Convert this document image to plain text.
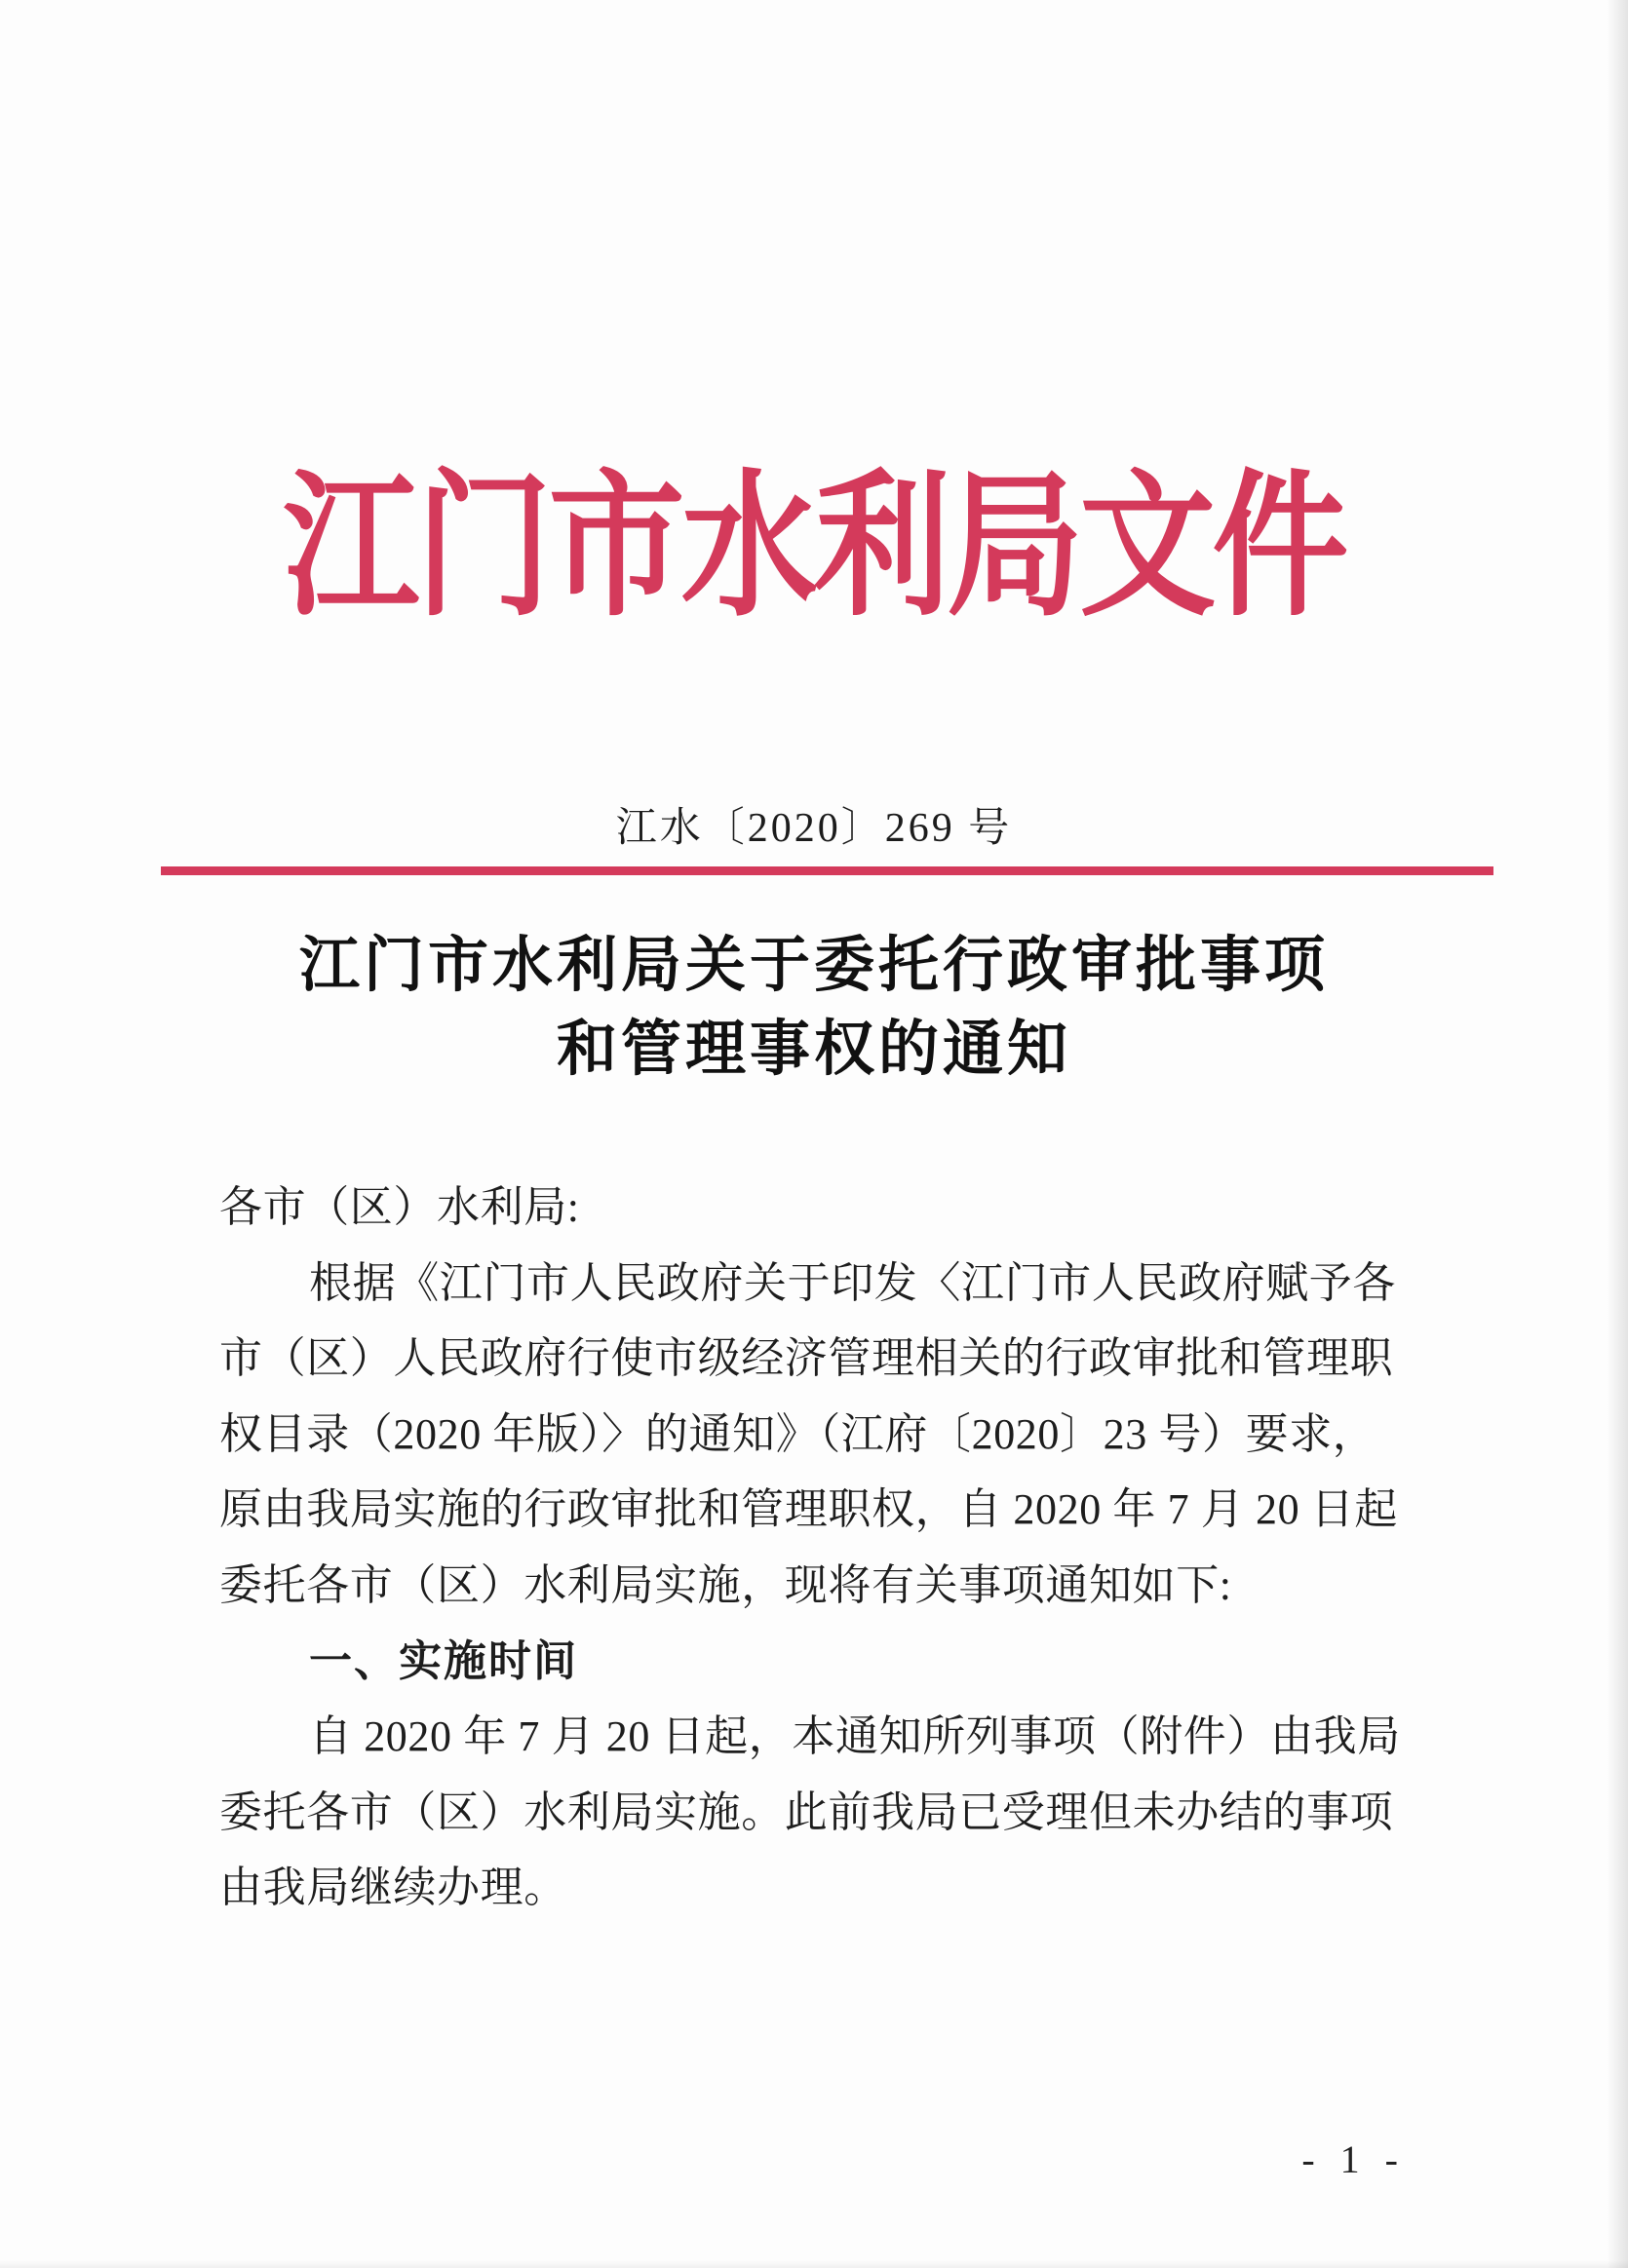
江门市水利局文件
江水〔2020〕269 号
江门市水利局关于委托行政审批事项
和管理事权的通知
各市（区）水利局:
根据《江门市人民政府关于印发〈江门市人民政府赋予各
市（区）人民政府行使市级经济管理相关的行政审批和管理职
权目录（2020 年版）〉的通知》（江府〔2020〕23 号）要求，
原由我局实施的行政审批和管理职权，自 2020 年 7 月 20 日起
委托各市（区）水利局实施，现将有关事项通知如下:
一、实施时间
自 2020 年 7 月 20 日起，本通知所列事项（附件）由我局
委托各市（区）水利局实施。此前我局已受理但未办结的事项
由我局继续办理。
- 1 -
